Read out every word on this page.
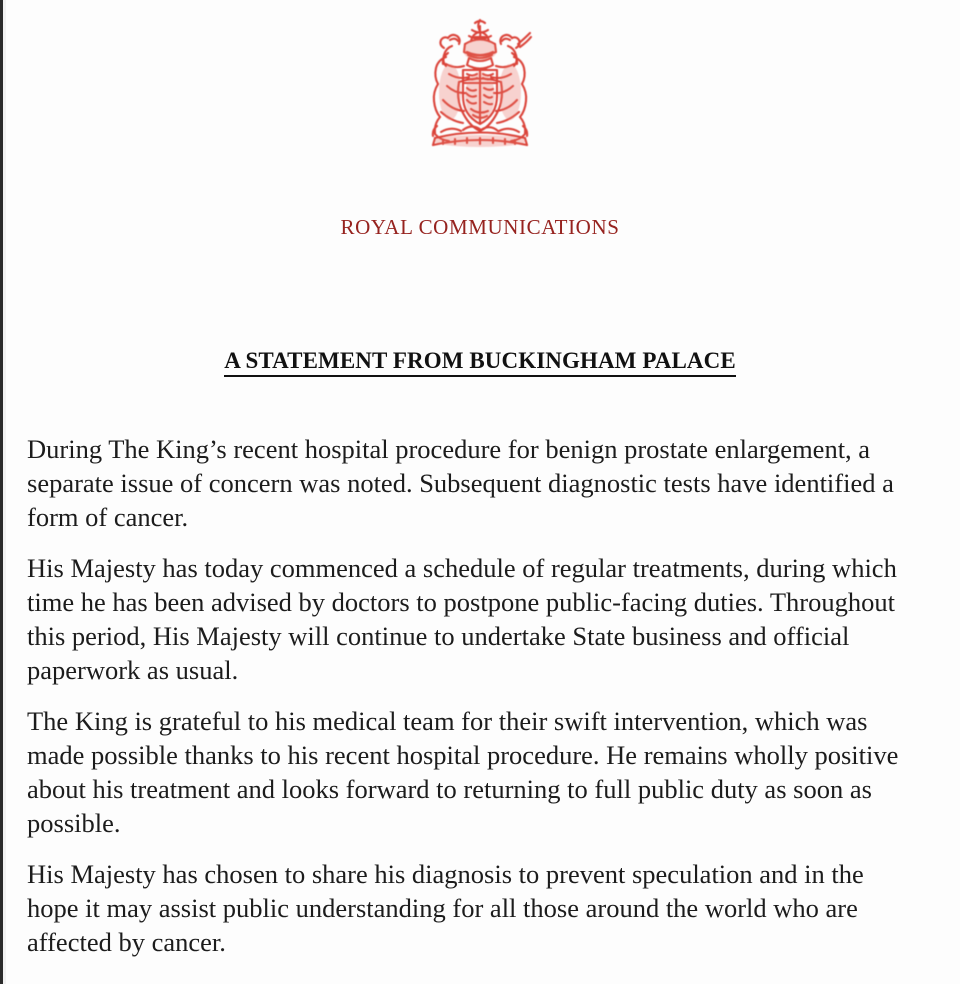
ROYAL COMMUNICATIONS
A STATEMENT FROM BUCKINGHAM PALACE

During The King’s recent hospital procedure for benign prostate enlargement, a separate issue of concern was noted. Subsequent diagnostic tests have identified a form of cancer.

His Majesty has today commenced a schedule of regular treatments, during which time he has been advised by doctors to postpone public-facing duties. Throughout this period, His Majesty will continue to undertake State business and official paperwork as usual.

The King is grateful to his medical team for their swift intervention, which was made possible thanks to his recent hospital procedure. He remains wholly positive about his treatment and looks forward to returning to full public duty as soon as possible.

His Majesty has chosen to share his diagnosis to prevent speculation and in the hope it may assist public understanding for all those around the world who are affected by cancer.
